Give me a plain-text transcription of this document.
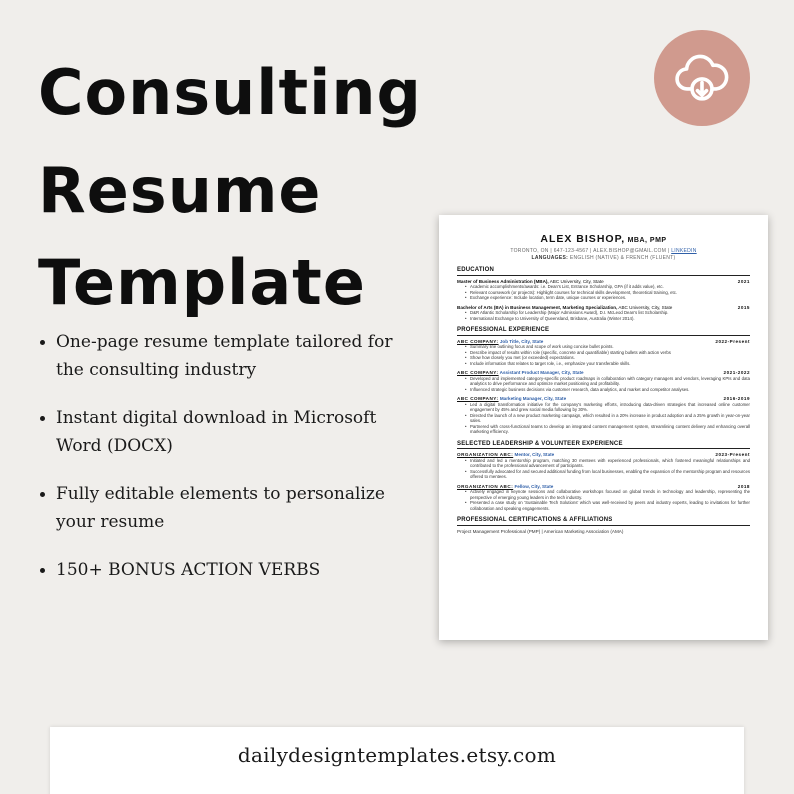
Consulting
Resume
Template
One-page resume template tailored for the consulting industry
Instant digital download in Microsoft Word (DOCX)
Fully editable elements to personalize your resume
150+ BONUS ACTION VERBS
ALEX BISHOP, MBA, PMP
TORONTO, ON | 647-123-4567 | ALEX.BISHOP@GMAIL.COM | LINKEDIN
LANGUAGES: ENGLISH (NATIVE) & FRENCH (FLUENT)
EDUCATION
Master of Business Administration (MBA), ABC University, City, State	2021
• Academic accomplishments/awards: i.e. Dean's List, Entrance Scholarship, GPA (if it adds value), etc.
• Relevant coursework (or projects): Highlight courses for technical skills development, theoretical training, etc.
• Exchange experience: Include location, term date, unique courses or experiences.
Bachelor of Arts (BA) in Business Management, Marketing Specialization, ABC University, City, State	2015
• D&R Atlantic Scholarship for Leadership (Major Admissions Award), D.I. McLeod Dean's list Scholarship.
• International Exchange to University of Queensland, Brisbane, Australia (Winter 2014).
PROFESSIONAL EXPERIENCE
ABC COMPANY: Job Title, City, State	2022-Present
• Summary line outlining focus and scope of work using concise bullet points.
• Describe impact of results within role (specific, concrete and quantifiable) starting bullets with action verbs
• Show how closely you met (or exceeded) expectations.
• Include information that relates to target role, i.e., emphasize your transferable skills.
ABC COMPANY: Assistant Product Manager, City, State	2021-2022
• Developed and implemented category-specific product roadmaps in collaboration with category managers and vendors, leveraging KPIs and data analytics to drive performance and optimize market positioning and profitability.
• Influenced strategic business decisions via customer research, data analytics, and market and competitor analyses.
ABC COMPANY: Marketing Manager, City, State	2016-2019
• Led a digital transformation initiative for the company's marketing efforts, introducing data-driven strategies that increased online customer engagement by 45% and grew social media following by 30%.
• Directed the launch of a new product marketing campaign, which resulted in a 20% increase in product adoption and a 25% growth in year-on-year sales.
• Partnered with cross-functional teams to develop an integrated content management system, streamlining content delivery and enhancing overall marketing efficiency.
SELECTED LEADERSHIP & VOLUNTEER EXPERIENCE
ORGANIZATION ABC: Mentor, City, State	2023-Present
• Initiated and led a mentorship program, matching 30 mentees with experienced professionals, which fostered meaningful relationships and contributed to the professional advancement of participants.
• Successfully advocated for and secured additional funding from local businesses, enabling the expansion of the mentorship program and resources offered to mentees.
ORGANIZATION ABC: Fellow, City, State	2018
• Actively engaged in keynote sessions and collaborative workshops focused on global trends in technology and leadership, representing the perspective of emerging young leaders in the tech industry.
• Presented a case study on 'Sustainable Tech Solutions' which was well-received by peers and industry experts, leading to invitations for further collaboration and speaking engagements.
PROFESSIONAL CERTIFICATIONS & AFFILIATIONS
Project Management Professional (PMP) | American Marketing Association (AMA)
dailydesigntemplates.etsy.com
